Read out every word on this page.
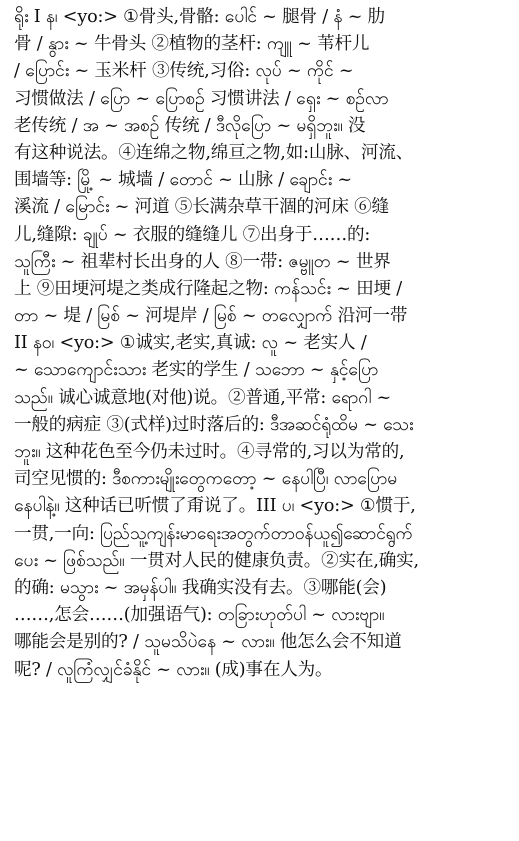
ရိုး I န၊ <yo:> ①骨头,骨骼: ပေါင် ~ 腿骨 / နံ ~ 肋
骨 / နွား ~ 牛骨头 ②植物的茎杆: ကျူ ~ 苇杆儿
/ ပြောင်း ~ 玉米杆 ③传统,习俗: လုပ် ~ ကိုင် ~
习惯做法 / ပြော ~ ပြောစဉ် 习惯讲法 / ရှေး ~ စဉ်လာ
老传统 / အ ~ အစဉ် 传统 / ဒီလိုပြော ~ မရှိဘူး။ 没
有这种说法。④连绵之物,绵亘之物,如:山脉、河流、
围墙等: မြို့ ~ 城墙 / တောင် ~ 山脉 / ချောင်း ~
溪流 / မြောင်း ~ 河道 ⑤长满杂草干涸的河床 ⑥缝
儿,缝隙: ချုပ် ~ 衣服的缝缝儿 ⑦出身于……的:
သူကြီး ~ 祖辈村长出身的人 ⑧一带: ဇမ္ဗူတ ~ 世界
上 ⑨田埂河堤之类成行隆起之物: ကန်သင်း ~ 田埂 /
တာ ~ 堤 / မြစ် ~ 河堤岸 / မြစ် ~ တလျှောက် 沿河一带
II နဝ၊ <yo:> ①诚实,老实,真诚: လူ ~ 老实人 /
~ သောကျောင်းသား 老实的学生 / သဘော ~ နှင့်ပြော
သည်။ 诚心诚意地(对他)说。②普通,平常: ရောဂါ ~
一般的病症 ③(式样)过时落后的: ဒီအဆင်ရုံထိမ ~ သေး
ဘူး။ 这种花色至今仍未过时。④寻常的,习以为常的,
司空见惯的: ဒီစကားမျိုးတွေကတော့ ~ နေပါပြီ၊ လာပြောမ
နေပါနဲ့။ 这种话已听惯了甭说了。III ပ၊ <yo:> ①惯于,
一贯,一向: ပြည်သူ့ကျန်းမာရေးအတွက်တာဝန်ယူ၍ဆောင်ရွက်
ပေး ~ ဖြစ်သည်။ 一贯对人民的健康负责。②实在,确实,
的确: မသွား ~ အမှန်ပါ။ 我确实没有去。③哪能(会)
……,怎会……(加强语气): တခြားဟုတ်ပါ ~ လားဗျာ။
哪能会是别的? / သူမသိပဲနေ ~ လား။ 他怎么会不知道
呢? / လူကြံလျှင်ခံနိုင် ~ လား။ (成)事在人为。
